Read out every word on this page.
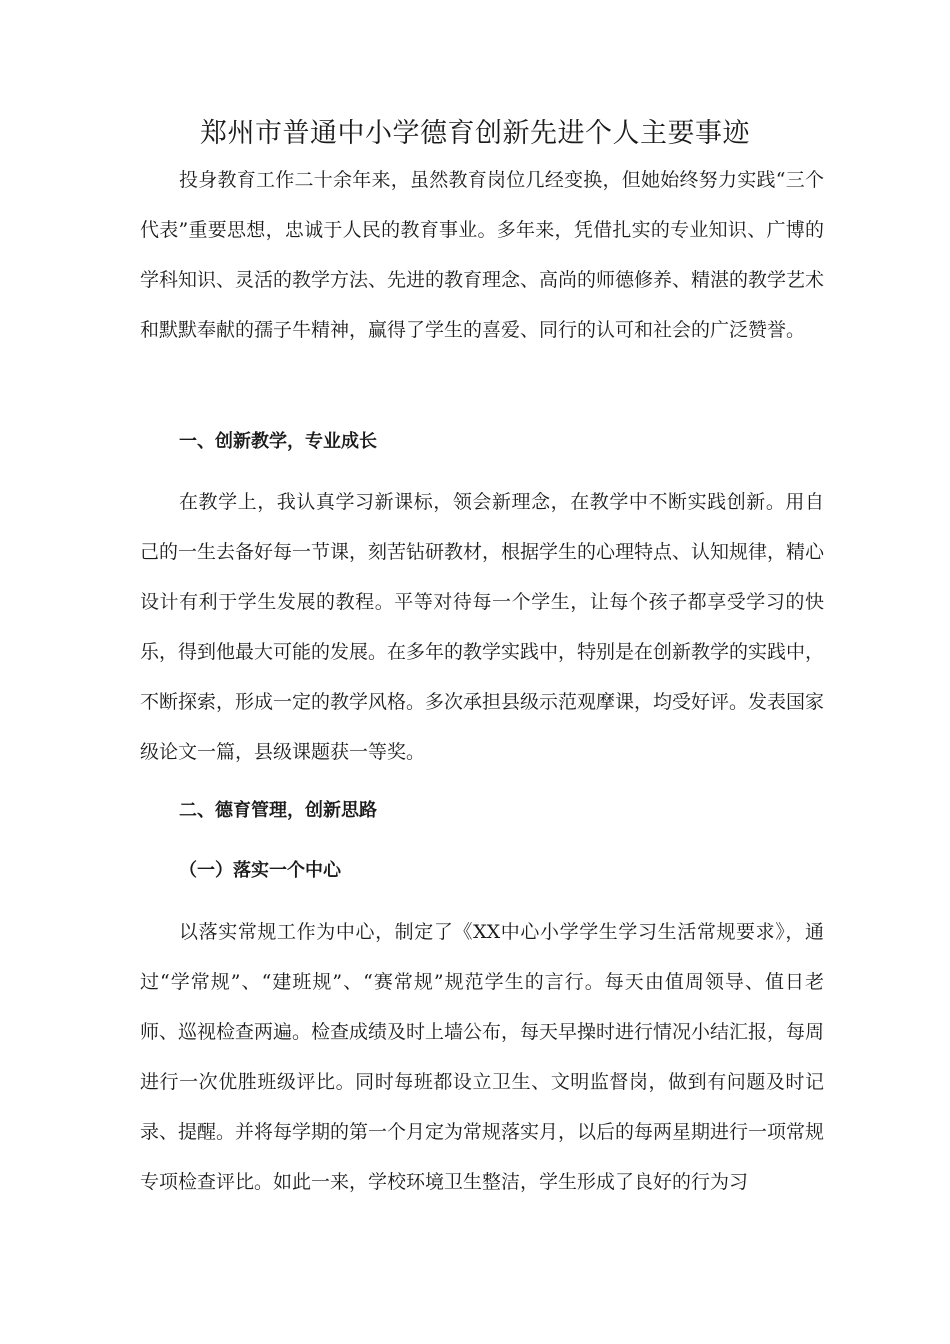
郑州市普通中小学德育创新先进个人主要事迹

投身教育工作二十余年来，虽然教育岗位几经变换，但她始终努力实践“三个代表”重要思想，忠诚于人民的教育事业。多年来，凭借扎实的专业知识、广博的学科知识、灵活的教学方法、先进的教育理念、高尚的师德修养、精湛的教学艺术和默默奉献的孺子牛精神，赢得了学生的喜爱、同行的认可和社会的广泛赞誉。

一、创新教学，专业成长

在教学上，我认真学习新课标，领会新理念，在教学中不断实践创新。用自己的一生去备好每一节课，刻苦钻研教材，根据学生的心理特点、认知规律，精心设计有利于学生发展的教程。平等对待每一个学生，让每个孩子都享受学习的快乐，得到他最大可能的发展。在多年的教学实践中，特别是在创新教学的实践中，不断探索，形成一定的教学风格。多次承担县级示范观摩课，均受好评。发表国家级论文一篇，县级课题获一等奖。

二、德育管理，创新思路
（一）落实一个中心

以落实常规工作为中心，制定了《XX中心小学学生学习生活常规要求》，通过“学常规”、“建班规”、“赛常规”规范学生的言行。每天由值周领导、值日老师、巡视检查两遍。检查成绩及时上墙公布，每天早操时进行情况小结汇报，每周进行一次优胜班级评比。同时每班都设立卫生、文明监督岗，做到有问题及时记录、提醒。并将每学期的第一个月定为常规落实月，以后的每两星期进行一项常规专项检查评比。如此一来，学校环境卫生整洁，学生形成了良好的行为习
